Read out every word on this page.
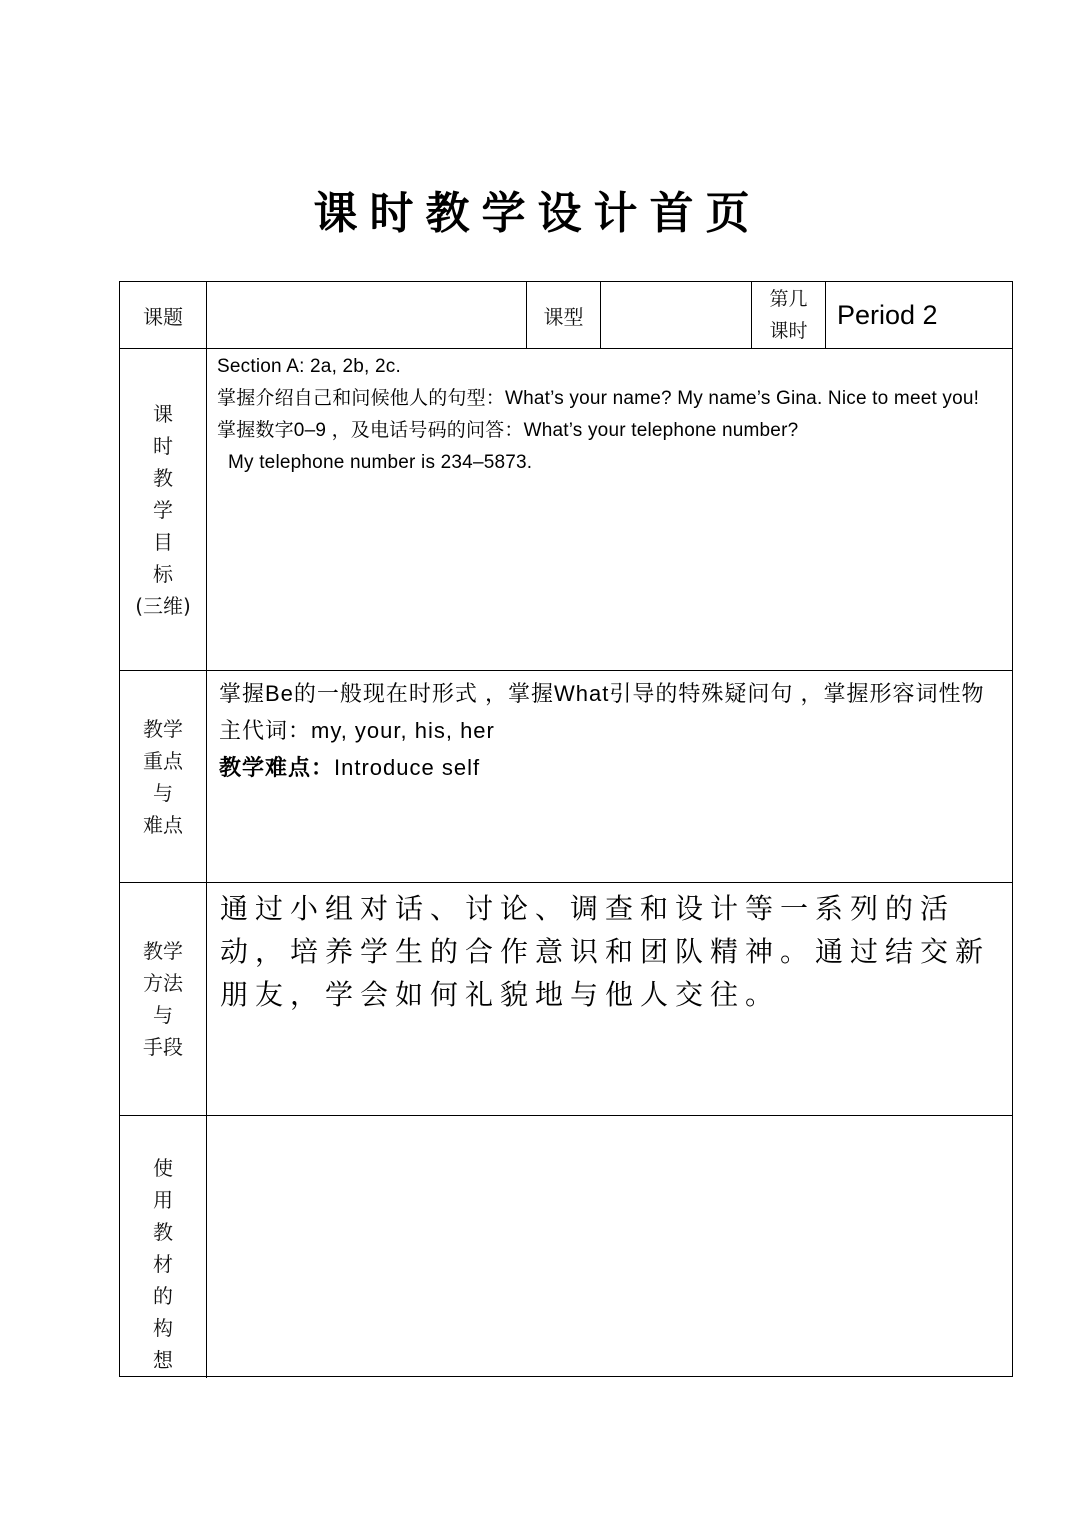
课时教学设计首页
课题	课型
第几
课时
Period 2
课
时
教
学
目
标
(三维)

Section A: 2a, 2b, 2c.

掌握介绍自己和问候他人的句型：What’s your name? My name’s Gina. Nice to meet you!

掌握数字0–9 ，及电话号码的问答：What’s your telephone number?

My telephone number is 234–5873.

教学
重点
与
难点

掌握Be的一般现在时形式 ，掌握What引导的特殊疑问句 ，掌握形容词性物主代词：my, your, his, her

教学难点：Introduce self

教学
方法
与
手段

通过小组对话、讨论、调查和设计等一系列的活动，培养学生的合作意识和团队精神。通过结交新朋友，学会如何礼貌地与他人交往。

使
用
教
材
的
构
想
